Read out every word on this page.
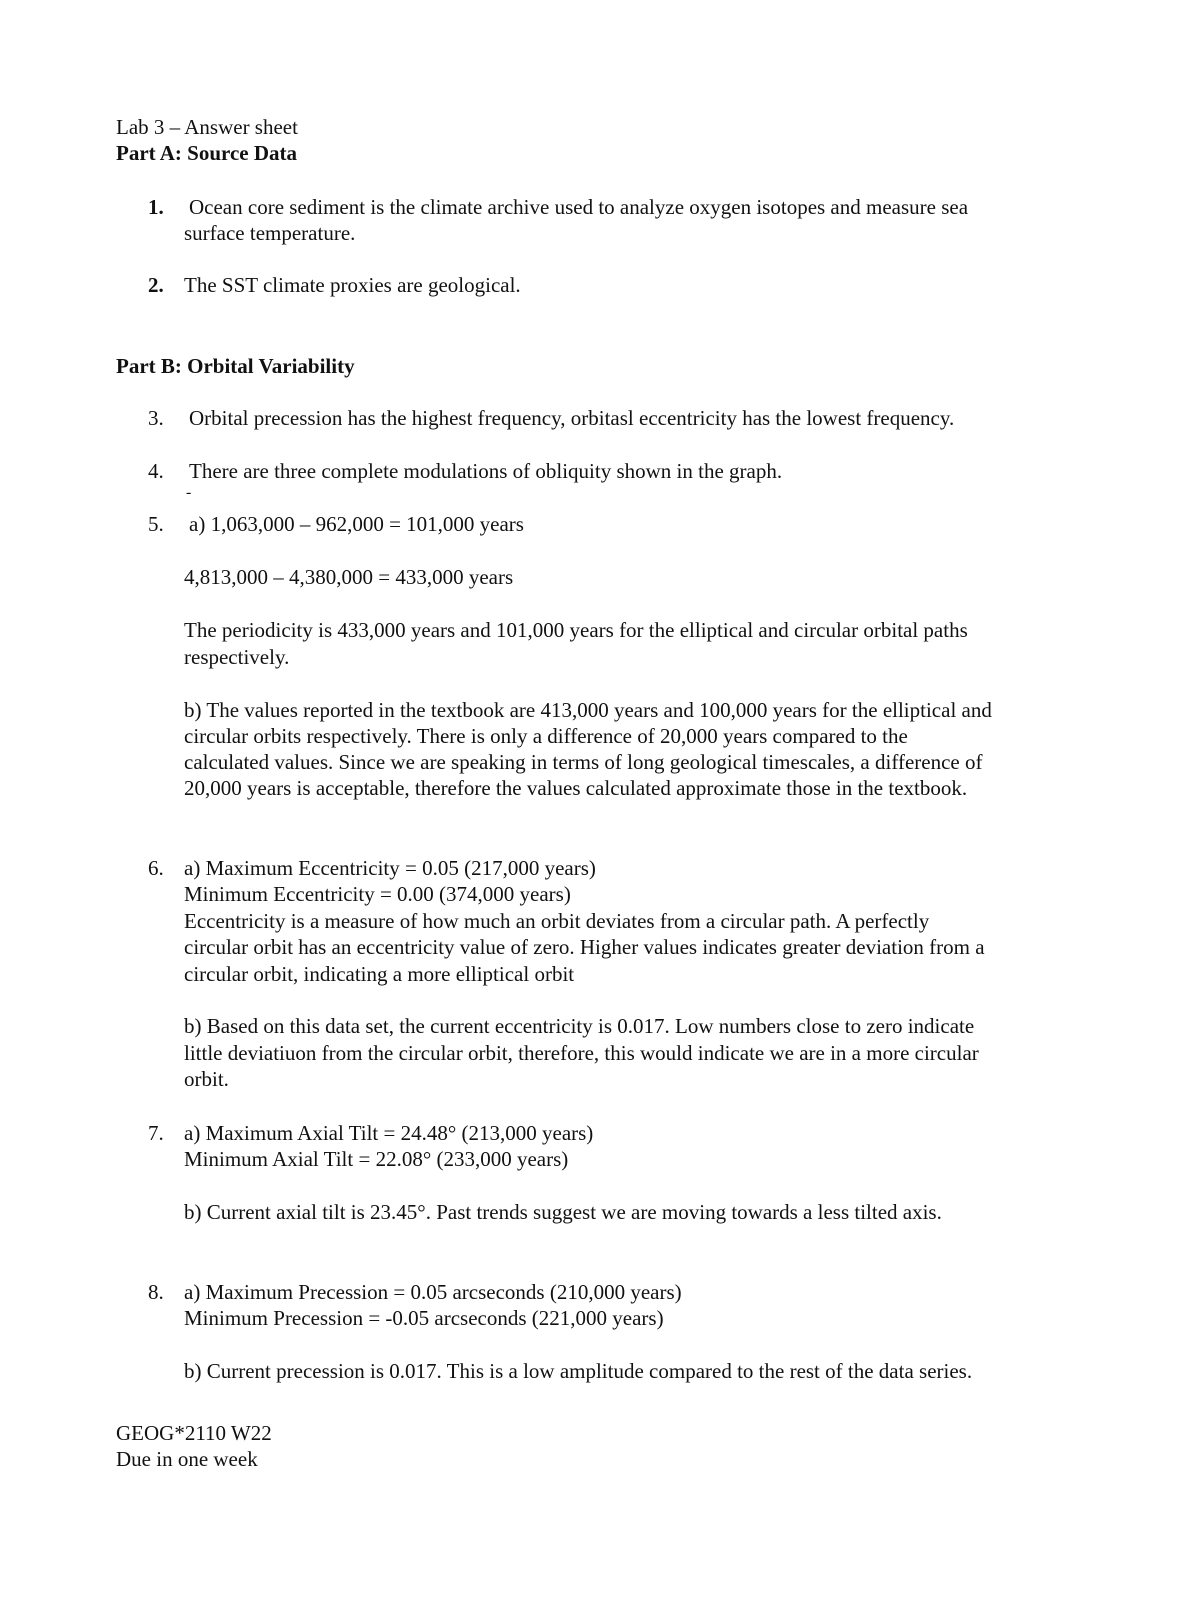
Lab 3 – Answer sheet
Part A: Source Data
1. Ocean core sediment is the climate archive used to analyze oxygen isotopes and measure sea
surface temperature.
2. The SST climate proxies are geological.
Part B: Orbital Variability
3. Orbital precession has the highest frequency, orbitasl eccentricity has the lowest frequency.
4. There are three complete modulations of obliquity shown in the graph.
-
5. a) 1,063,000 – 962,000 = 101,000 years
4,813,000 – 4,380,000 = 433,000 years
The periodicity is 433,000 years and 101,000 years for the elliptical and circular orbital paths
respectively.
b) The values reported in the textbook are 413,000 years and 100,000 years for the elliptical and
circular orbits respectively. There is only a difference of 20,000 years compared to the
calculated values. Since we are speaking in terms of long geological timescales, a difference of
20,000 years is acceptable, therefore the values calculated approximate those in the textbook.
6. a) Maximum Eccentricity = 0.05 (217,000 years)
Minimum Eccentricity = 0.00 (374,000 years)
Eccentricity is a measure of how much an orbit deviates from a circular path. A perfectly
circular orbit has an eccentricity value of zero. Higher values indicates greater deviation from a
circular orbit, indicating a more elliptical orbit
b) Based on this data set, the current eccentricity is 0.017. Low numbers close to zero indicate
little deviatiuon from the circular orbit, therefore, this would indicate we are in a more circular
orbit.
7. a) Maximum Axial Tilt = 24.48° (213,000 years)
Minimum Axial Tilt = 22.08° (233,000 years)
b) Current axial tilt is 23.45°. Past trends suggest we are moving towards a less tilted axis.
8. a) Maximum Precession = 0.05 arcseconds (210,000 years)
Minimum Precession = -0.05 arcseconds (221,000 years)
b) Current precession is 0.017. This is a low amplitude compared to the rest of the data series.
GEOG*2110 W22
Due in one week
